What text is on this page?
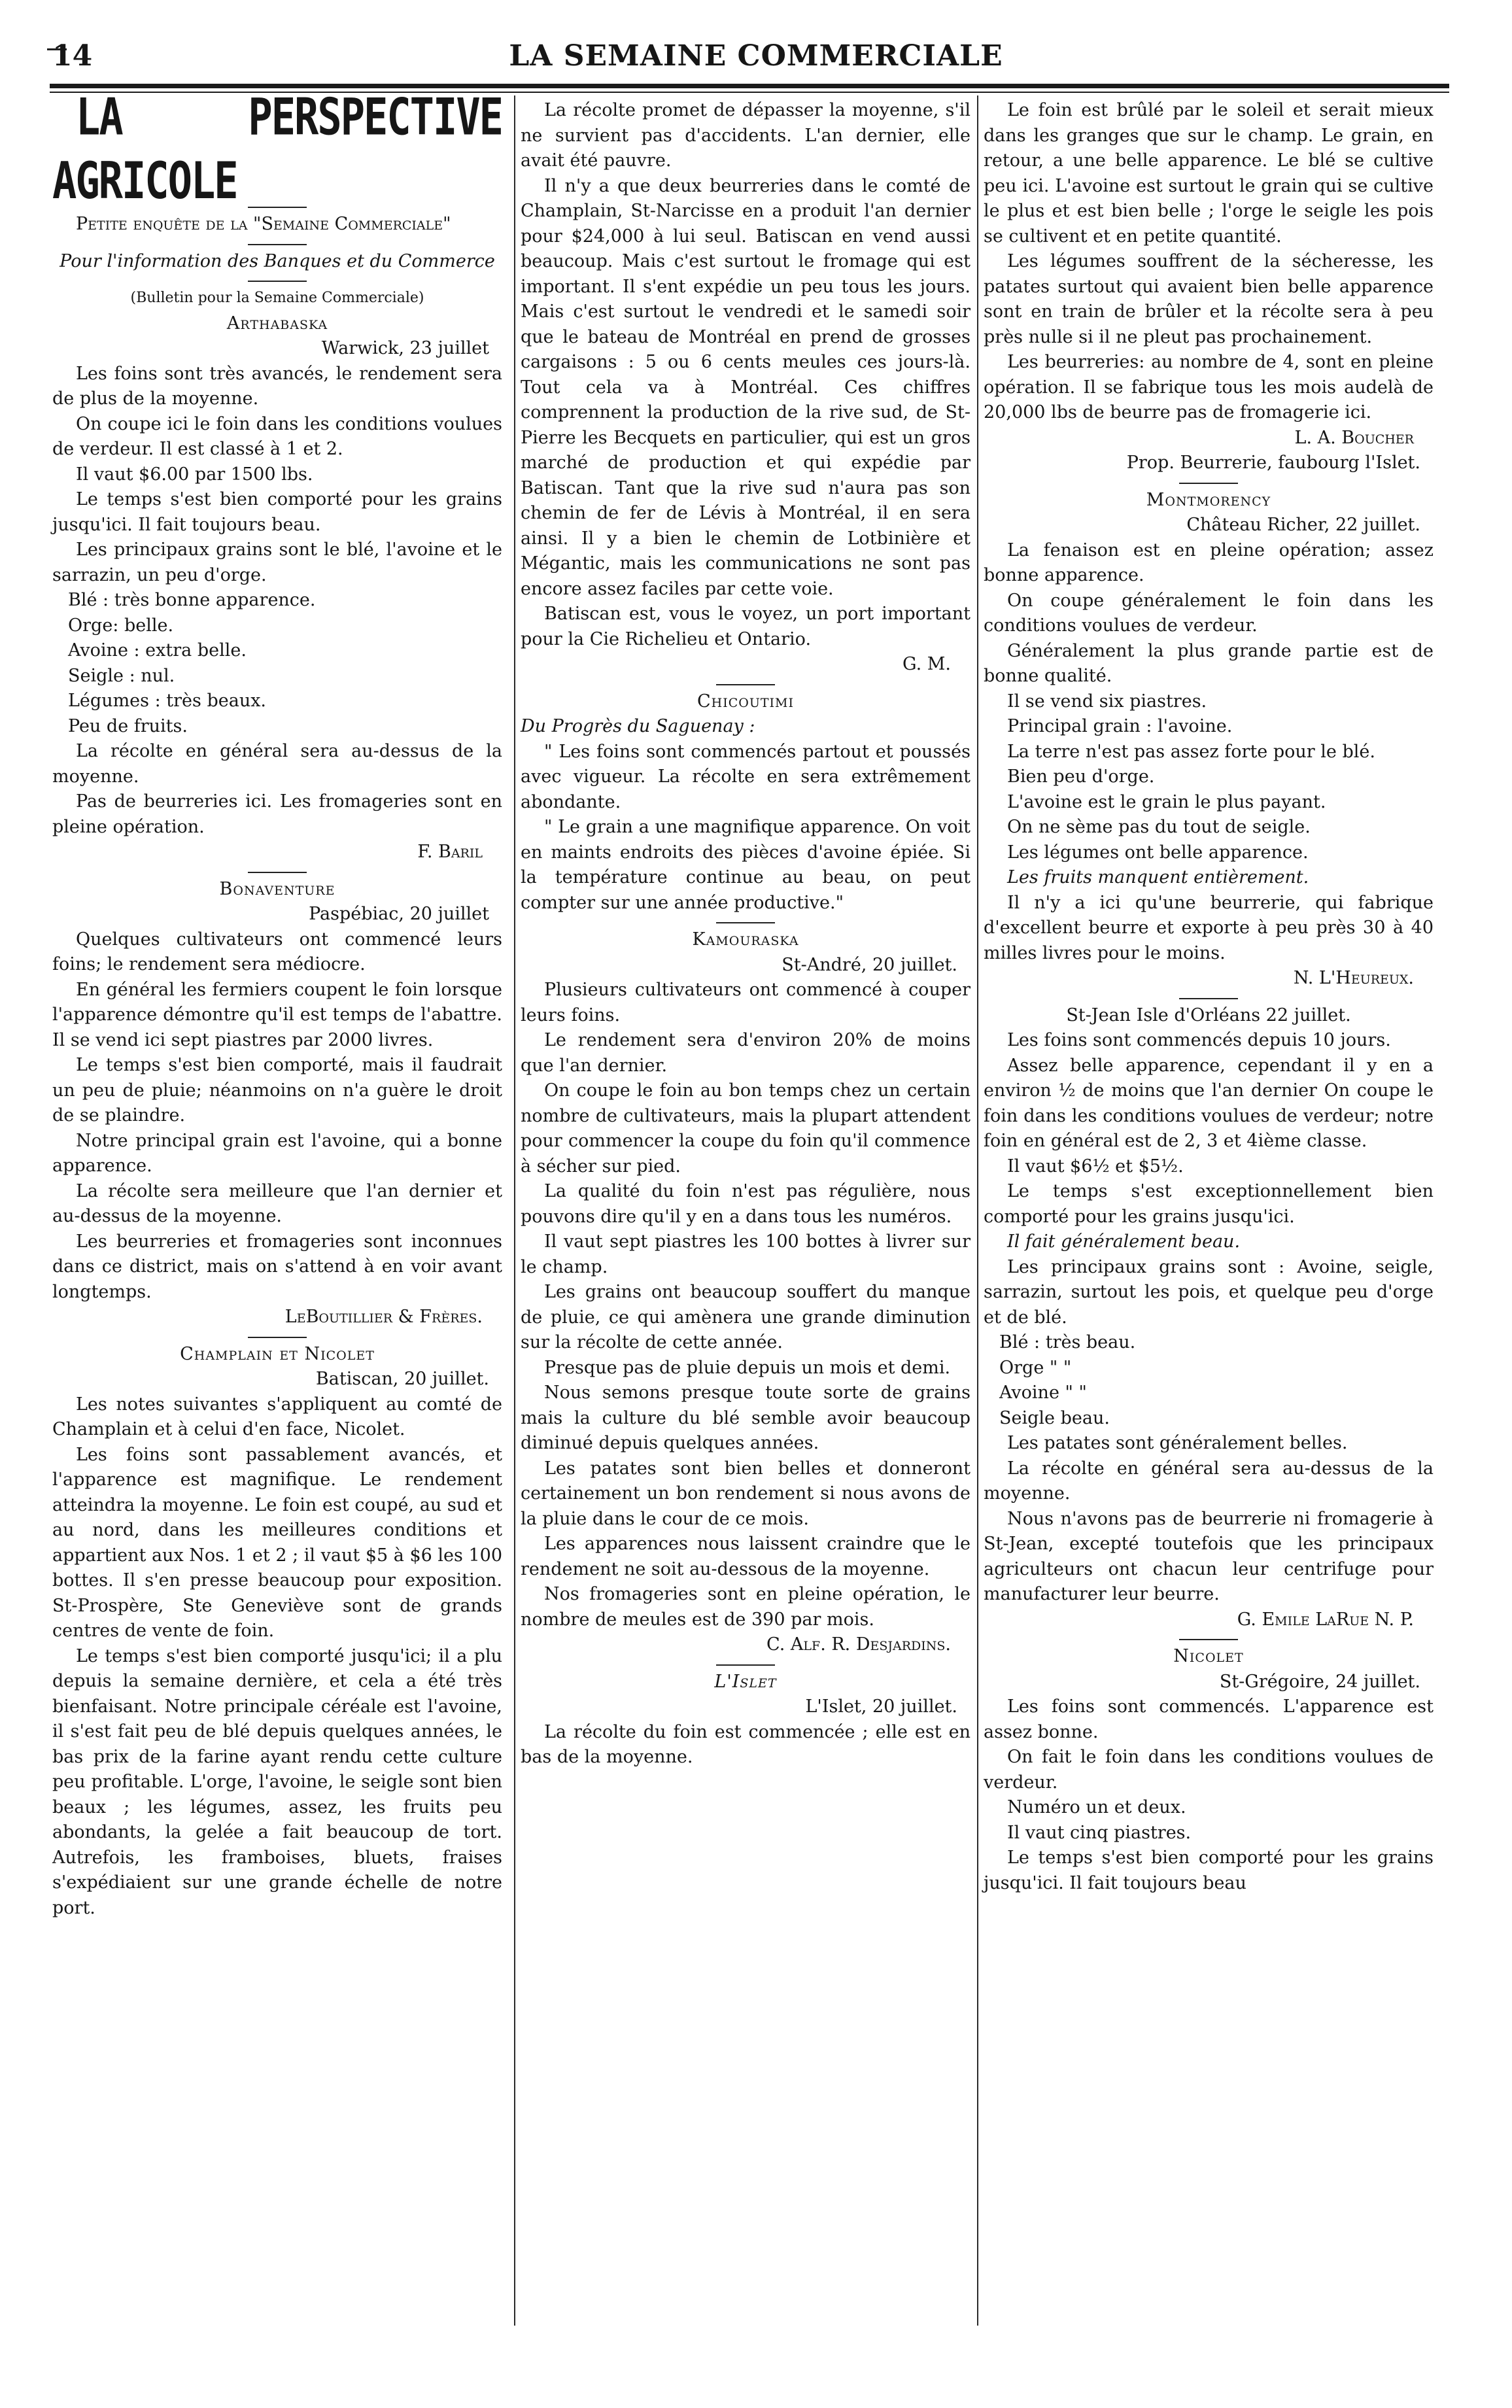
14	LA SEMAINE COMMERCIALE

LA PERSPECTIVE AGRICOLE

Petite enquête de la "Semaine Commerciale"

Pour l'information des Banques et du Commerce

(Bulletin pour la Semaine Commerciale)

Arthabaska

Warwick, 23 juillet

Les foins sont très avancés, le rendement sera de plus de la moyenne.

On coupe ici le foin dans les conditions voulues de verdeur. Il est classé à 1 et 2.

Il vaut $6.00 par 1500 lbs.

Le temps s'est bien comporté pour les grains jusqu'ici. Il fait toujours beau.

Les principaux grains sont le blé, l'avoine et le sarrazin, un peu d'orge.

Blé : très bonne apparence.

Orge: belle.

Avoine : extra belle.

Seigle : nul.

Légumes : très beaux.

Peu de fruits.

La récolte en général sera au-dessus de la moyenne.

Pas de beurreries ici. Les fromageries sont en pleine opération.

F. Baril

Bonaventure

Paspébiac, 20 juillet

Quelques cultivateurs ont commencé leurs foins; le rendement sera médiocre.

En général les fermiers coupent le foin lorsque l'apparence démontre qu'il est temps de l'abattre. Il se vend ici sept piastres par 2000 livres.

Le temps s'est bien comporté, mais il faudrait un peu de pluie; néanmoins on n'a guère le droit de se plaindre.

Notre principal grain est l'avoine, qui a bonne apparence.

La récolte sera meilleure que l'an dernier et au-dessus de la moyenne.

Les beurreries et fromageries sont inconnues dans ce district, mais on s'attend à en voir avant longtemps.

LeBoutillier & Frères.

Champlain et Nicolet

Batiscan, 20 juillet.

Les notes suivantes s'appliquent au comté de Champlain et à celui d'en face, Nicolet.

Les foins sont passablement avancés, et l'apparence est magnifique. Le rendement atteindra la moyenne. Le foin est coupé, au sud et au nord, dans les meilleures conditions et appartient aux Nos. 1 et 2 ; il vaut $5 à $6 les 100 bottes. Il s'en presse beaucoup pour exposition. St-Prospère, Ste Geneviève sont de grands centres de vente de foin.

Le temps s'est bien comporté jusqu'ici; il a plu depuis la semaine dernière, et cela a été très bienfaisant. Notre principale céréale est l'avoine, il s'est fait peu de blé depuis quelques années, le bas prix de la farine ayant rendu cette culture peu profitable. L'orge, l'avoine, le seigle sont bien beaux ; les légumes, assez, les fruits peu abondants, la gelée a fait beaucoup de tort. Autrefois, les framboises, bluets, fraises s'expédiaient sur une grande échelle de notre port.

La récolte promet de dépasser la moyenne, s'il ne survient pas d'accidents. L'an dernier, elle avait été pauvre.

Il n'y a que deux beurreries dans le comté de Champlain, St-Narcisse en a produit l'an dernier pour $24,000 à lui seul. Batiscan en vend aussi beaucoup. Mais c'est surtout le fromage qui est important. Il s'ent expédie un peu tous les jours. Mais c'est surtout le vendredi et le samedi soir que le bateau de Montréal en prend de grosses cargaisons : 5 ou 6 cents meules ces jours-là. Tout cela va à Montréal. Ces chiffres comprennent la production de la rive sud, de St-Pierre les Becquets en particulier, qui est un gros marché de production et qui expédie par Batiscan. Tant que la rive sud n'aura pas son chemin de fer de Lévis à Montréal, il en sera ainsi. Il y a bien le chemin de Lotbinière et Mégantic, mais les communications ne sont pas encore assez faciles par cette voie.

Batiscan est, vous le voyez, un port important pour la Cie Richelieu et Ontario.

G. M.

Chicoutimi

Du Progrès du Saguenay :

" Les foins sont commencés partout et poussés avec vigueur. La récolte en sera extrêmement abondante.

" Le grain a une magnifique apparence. On voit en maints endroits des pièces d'avoine épiée. Si la température continue au beau, on peut compter sur une année productive."

Kamouraska

St-André, 20 juillet.

Plusieurs cultivateurs ont commencé à couper leurs foins.

Le rendement sera d'environ 20% de moins que l'an dernier.

On coupe le foin au bon temps chez un certain nombre de cultivateurs, mais la plupart attendent pour commencer la coupe du foin qu'il commence à sécher sur pied.

La qualité du foin n'est pas régulière, nous pouvons dire qu'il y en a dans tous les numéros.

Il vaut sept piastres les 100 bottes à livrer sur le champ.

Les grains ont beaucoup souffert du manque de pluie, ce qui amènera une grande diminution sur la récolte de cette année.

Presque pas de pluie depuis un mois et demi.

Nous semons presque toute sorte de grains mais la culture du blé semble avoir beaucoup diminué depuis quelques années.

Les patates sont bien belles et donneront certainement un bon rendement si nous avons de la pluie dans le cour de ce mois.

Les apparences nous laissent craindre que le rendement ne soit au-dessous de la moyenne.

Nos fromageries sont en pleine opération, le nombre de meules est de 390 par mois.

C. Alf. R. Desjardins.

L'Islet

L'Islet, 20 juillet.

La récolte du foin est commencée ; elle est en bas de la moyenne.

Le foin est brûlé par le soleil et serait mieux dans les granges que sur le champ. Le grain, en retour, a une belle apparence. Le blé se cultive peu ici. L'avoine est surtout le grain qui se cultive le plus et est bien belle ; l'orge le seigle les pois se cultivent et en petite quantité.

Les légumes souffrent de la sécheresse, les patates surtout qui avaient bien belle apparence sont en train de brûler et la récolte sera à peu près nulle si il ne pleut pas prochainement.

Les beurreries: au nombre de 4, sont en pleine opération. Il se fabrique tous les mois audelà de 20,000 lbs de beurre pas de fromagerie ici.

L. A. Boucher

Prop. Beurrerie, faubourg l'Islet.

Montmorency

Château Richer, 22 juillet.

La fenaison est en pleine opération; assez bonne apparence.

On coupe généralement le foin dans les conditions voulues de verdeur.

Généralement la plus grande partie est de bonne qualité.

Il se vend six piastres.

Principal grain : l'avoine.

La terre n'est pas assez forte pour le blé.

Bien peu d'orge.

L'avoine est le grain le plus payant.

On ne sème pas du tout de seigle.

Les légumes ont belle apparence.

Les fruits manquent entièrement.

Il n'y a ici qu'une beurrerie, qui fabrique d'excellent beurre et exporte à peu près 30 à 40 milles livres pour le moins.

N. L'Heureux.

St-Jean Isle d'Orléans 22 juillet.

Les foins sont commencés depuis 10 jours.

Assez belle apparence, cependant il y en a environ ½ de moins que l'an dernier On coupe le foin dans les conditions voulues de verdeur; notre foin en général est de 2, 3 et 4ième classe.

Il vaut $6½ et $5½.

Le temps s'est exceptionnellement bien comporté pour les grains jusqu'ici.

Il fait généralement beau.

Les principaux grains sont : Avoine, seigle, sarrazin, surtout les pois, et quelque peu d'orge et de blé.

Blé : très beau.

Orge " "

Avoine " "

Seigle beau.

Les patates sont généralement belles.

La récolte en général sera au-dessus de la moyenne.

Nous n'avons pas de beurrerie ni fromagerie à St-Jean, excepté toutefois que les principaux agriculteurs ont chacun leur centrifuge pour manufacturer leur beurre.

G. Emile LaRue N. P.

Nicolet

St-Grégoire, 24 juillet.

Les foins sont commencés. L'apparence est assez bonne.

On fait le foin dans les conditions voulues de verdeur.

Numéro un et deux.

Il vaut cinq piastres.

Le temps s'est bien comporté pour les grains jusqu'ici. Il fait toujours beau
